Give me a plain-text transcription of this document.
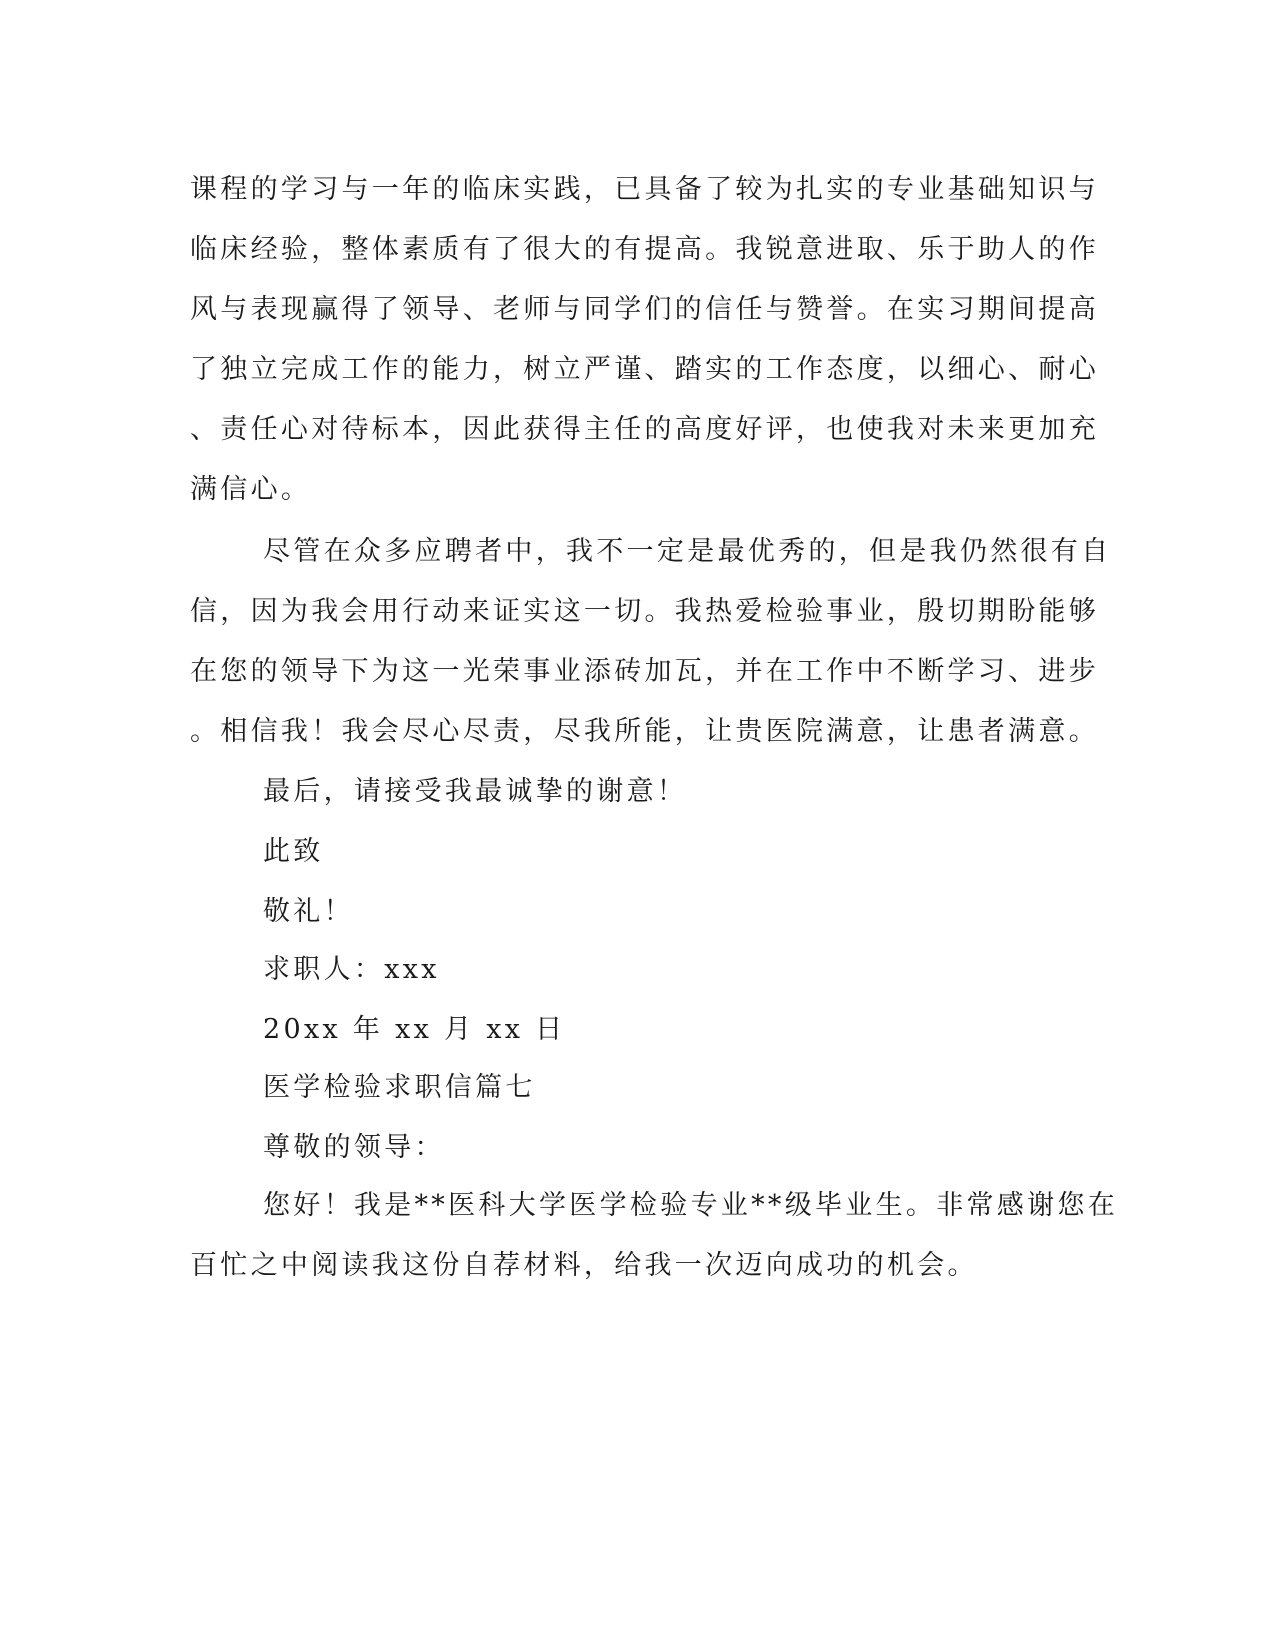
课程的学习与一年的临床实践，已具备了较为扎实的专业基础知识与
临床经验，整体素质有了很大的有提高。我锐意进取、乐于助人的作
风与表现赢得了领导、老师与同学们的信任与赞誉。在实习期间提高
了独立完成工作的能力，树立严谨、踏实的工作态度，以细心、耐心
、责任心对待标本，因此获得主任的高度好评，也使我对未来更加充
满信心。
尽管在众多应聘者中，我不一定是最优秀的，但是我仍然很有自
信，因为我会用行动来证实这一切。我热爱检验事业，殷切期盼能够
在您的领导下为这一光荣事业添砖加瓦，并在工作中不断学习、进步
。相信我！我会尽心尽责，尽我所能，让贵医院满意，让患者满意。
最后，请接受我最诚挚的谢意！
此致
敬礼！
求职人：xxx
20xx 年 xx 月 xx 日
医学检验求职信篇七
尊敬的领导：
您好！我是**医科大学医学检验专业**级毕业生。非常感谢您在
百忙之中阅读我这份自荐材料，给我一次迈向成功的机会。
